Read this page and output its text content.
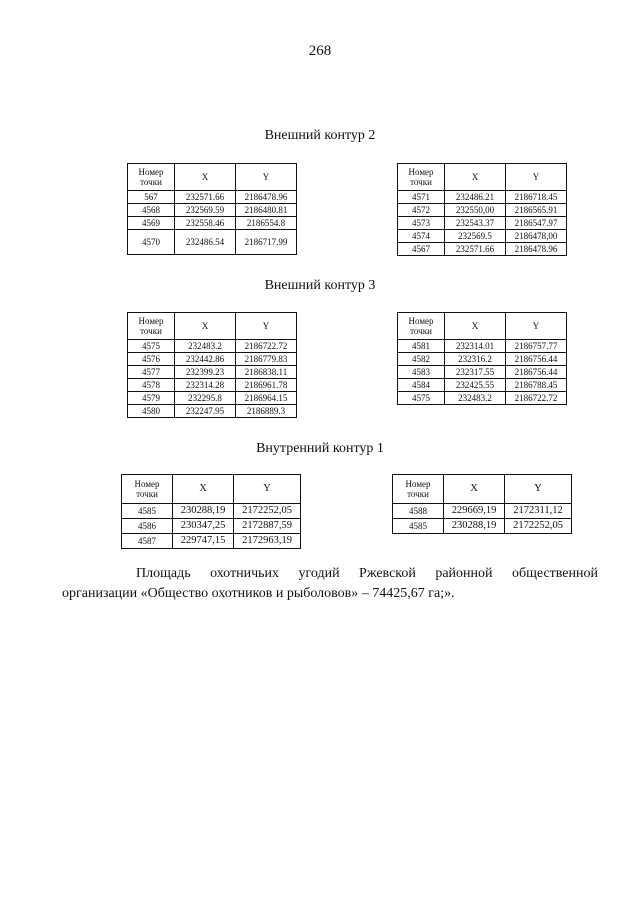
268
Внешний контур 2
Номер точки	X	Y
567	232571.66	2186478.96
4568	232569.59	2186480.81
4569	232558.46	2186554.8
4570	232486.54	2186717.99
Номер точки	X	Y
4571	232486.21	2186718.45
4572	232550,00	2186565.91
4573	232543.37	2186547.97
4574	232569.5	2186478,00
4567	232571.66	2186478.96
Внешний контур 3
Номер точки	X	Y
4575	232483.2	2186722.72
4576	232442.86	2186779.83
4577	232399.23	2186838.11
4578	232314.28	2186961.78
4579	232295.8	2186964.15
4580	232247.95	2186889.3
Номер точки	X	Y
4581	232314.01	2186757.77
4582	232316.2	2186756.44
4583	232317.55	2186756.44
4584	232425.55	2186788.45
4575	232483.2	2186722.72
Внутренний контур 1
Номер точки	X	Y
4585	230288,19	2172252,05
4586	230347,25	2172887,59
4587	229747,15	2172963,19
Номер точки	X	Y
4588	229669,19	2172311,12
4585	230288,19	2172252,05
Площадь охотничьих угодий Ржевской районной общественной
организации «Общество охотников и рыболовов» – 74425,67 га;».
